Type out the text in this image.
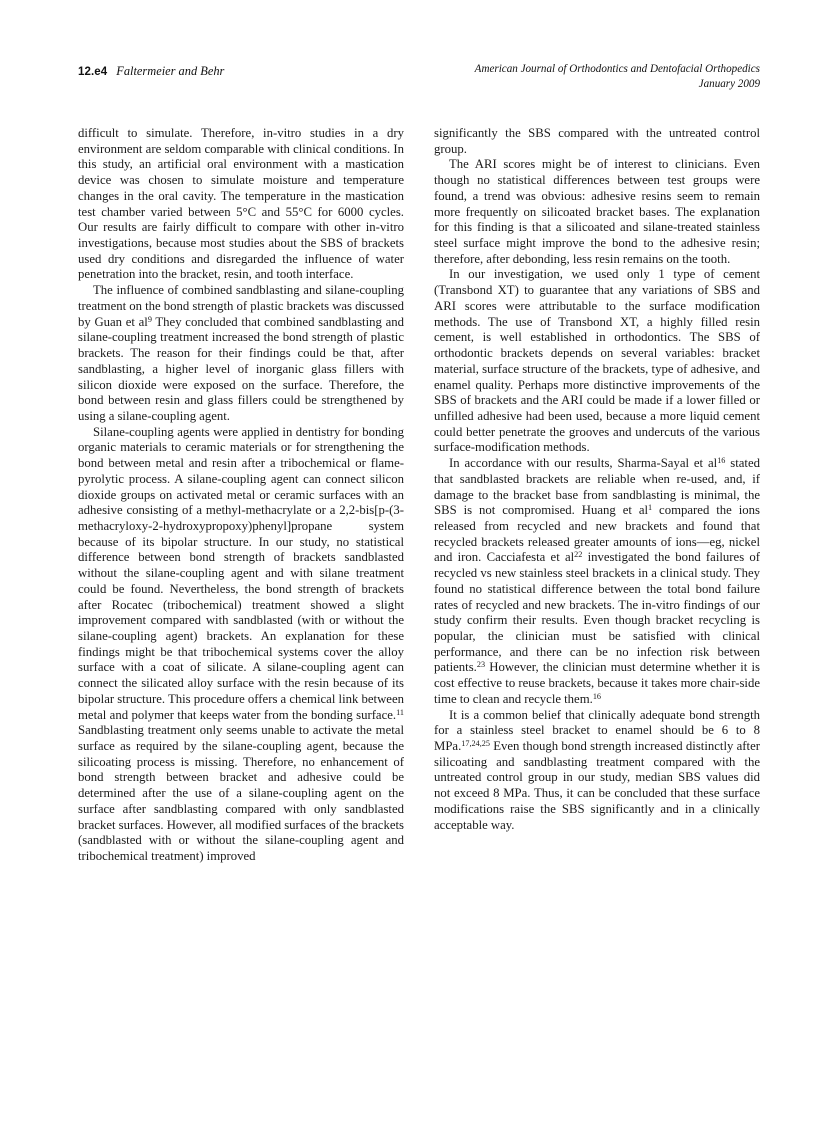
12.e4 Faltermeier and Behr	American Journal of Orthodontics and Dentofacial Orthopedics
January 2009

difficult to simulate. Therefore, in-vitro studies in a dry environment are seldom comparable with clinical conditions. In this study, an artificial oral environment with a mastication device was chosen to simulate moisture and temperature changes in the oral cavity. The temperature in the mastication test chamber varied between 5°C and 55°C for 6000 cycles. Our results are fairly difficult to compare with other in-vitro investigations, because most studies about the SBS of brackets used dry conditions and disregarded the influence of water penetration into the bracket, resin, and tooth interface.

The influence of combined sandblasting and silane-coupling treatment on the bond strength of plastic brackets was discussed by Guan et $al^9$ They concluded that combined sandblasting and silane-coupling treatment increased the bond strength of plastic brackets. The reason for their findings could be that, after sandblasting, a higher level of inorganic glass fillers with silicon dioxide were exposed on the surface. Therefore, the bond between resin and glass fillers could be strengthened by using a silane-coupling agent.

Silane-coupling agents were applied in dentistry for bonding organic materials to ceramic materials or for strengthening the bond between metal and resin after a tribochemical or flame-pyrolytic process. A silane-coupling agent can connect silicon dioxide groups on activated metal or ceramic surfaces with an adhesive consisting of a methyl-methacrylate or a 2,2-bis[p-(3-methacryloxy-2-hydroxypropoxy)phenyl]propane system because of its bipolar structure. In our study, no statistical difference between bond strength of brackets sandblasted without the silane-coupling agent and with silane treatment could be found. Nevertheless, the bond strength of brackets after Rocatec (tribochemical) treatment showed a slight improvement compared with sandblasted (with or without the silane-coupling agent) brackets. An explanation for these findings might be that tribochemical systems cover the alloy surface with a coat of silicate. A silane-coupling agent can connect the silicated alloy surface with the resin because of its bipolar structure. This procedure offers a chemical link between metal and polymer that keeps water from the bonding surface.$^{11}$ Sandblasting treatment only seems unable to activate the metal surface as required by the silane-coupling agent, because the silicoating process is missing. Therefore, no enhancement of bond strength between bracket and adhesive could be determined after the use of a silane-coupling agent on the surface after sandblasting compared with only sandblasted bracket surfaces. However, all modified surfaces of the brackets (sandblasted with or without the silane-coupling agent and tribochemical treatment) improved

significantly the SBS compared with the untreated control group.

The ARI scores might be of interest to clinicians. Even though no statistical differences between test groups were found, a trend was obvious: adhesive resins seem to remain more frequently on silicoated bracket bases. The explanation for this finding is that a silicoated and silane-treated stainless steel surface might improve the bond to the adhesive resin; therefore, after debonding, less resin remains on the tooth.

In our investigation, we used only 1 type of cement (Transbond XT) to guarantee that any variations of SBS and ARI scores were attributable to the surface modification methods. The use of Transbond XT, a highly filled resin cement, is well established in orthodontics. The SBS of orthodontic brackets depends on several variables: bracket material, surface structure of the brackets, type of adhesive, and enamel quality. Perhaps more distinctive improvements of the SBS of brackets and the ARI could be made if a lower filled or unfilled adhesive had been used, because a more liquid cement could better penetrate the grooves and undercuts of the various surface-modification methods.

In accordance with our results, Sharma-Sayal et $al^{16}$ stated that sandblasted brackets are reliable when re-used, and, if damage to the bracket base from sandblasting is minimal, the SBS is not compromised. Huang et $al^1$ compared the ions released from recycled and new brackets and found that recycled brackets released greater amounts of ions—eg, nickel and iron. Cacciafesta et $al^{22}$ investigated the bond failures of recycled vs new stainless steel brackets in a clinical study. They found no statistical difference between the total bond failure rates of recycled and new brackets. The in-vitro findings of our study confirm their results. Even though bracket recycling is popular, the clinician must be satisfied with clinical performance, and there can be no infection risk between patients.$^{23}$ However, the clinician must determine whether it is cost effective to reuse brackets, because it takes more chair-side time to clean and recycle them.$^{16}$

It is a common belief that clinically adequate bond strength for a stainless steel bracket to enamel should be 6 to 8 MPa.$^{17,24,25}$ Even though bond strength increased distinctly after silicoating and sandblasting treatment compared with the untreated control group in our study, median SBS values did not exceed 8 MPa. Thus, it can be concluded that these surface modifications raise the SBS significantly and in a clinically acceptable way.
